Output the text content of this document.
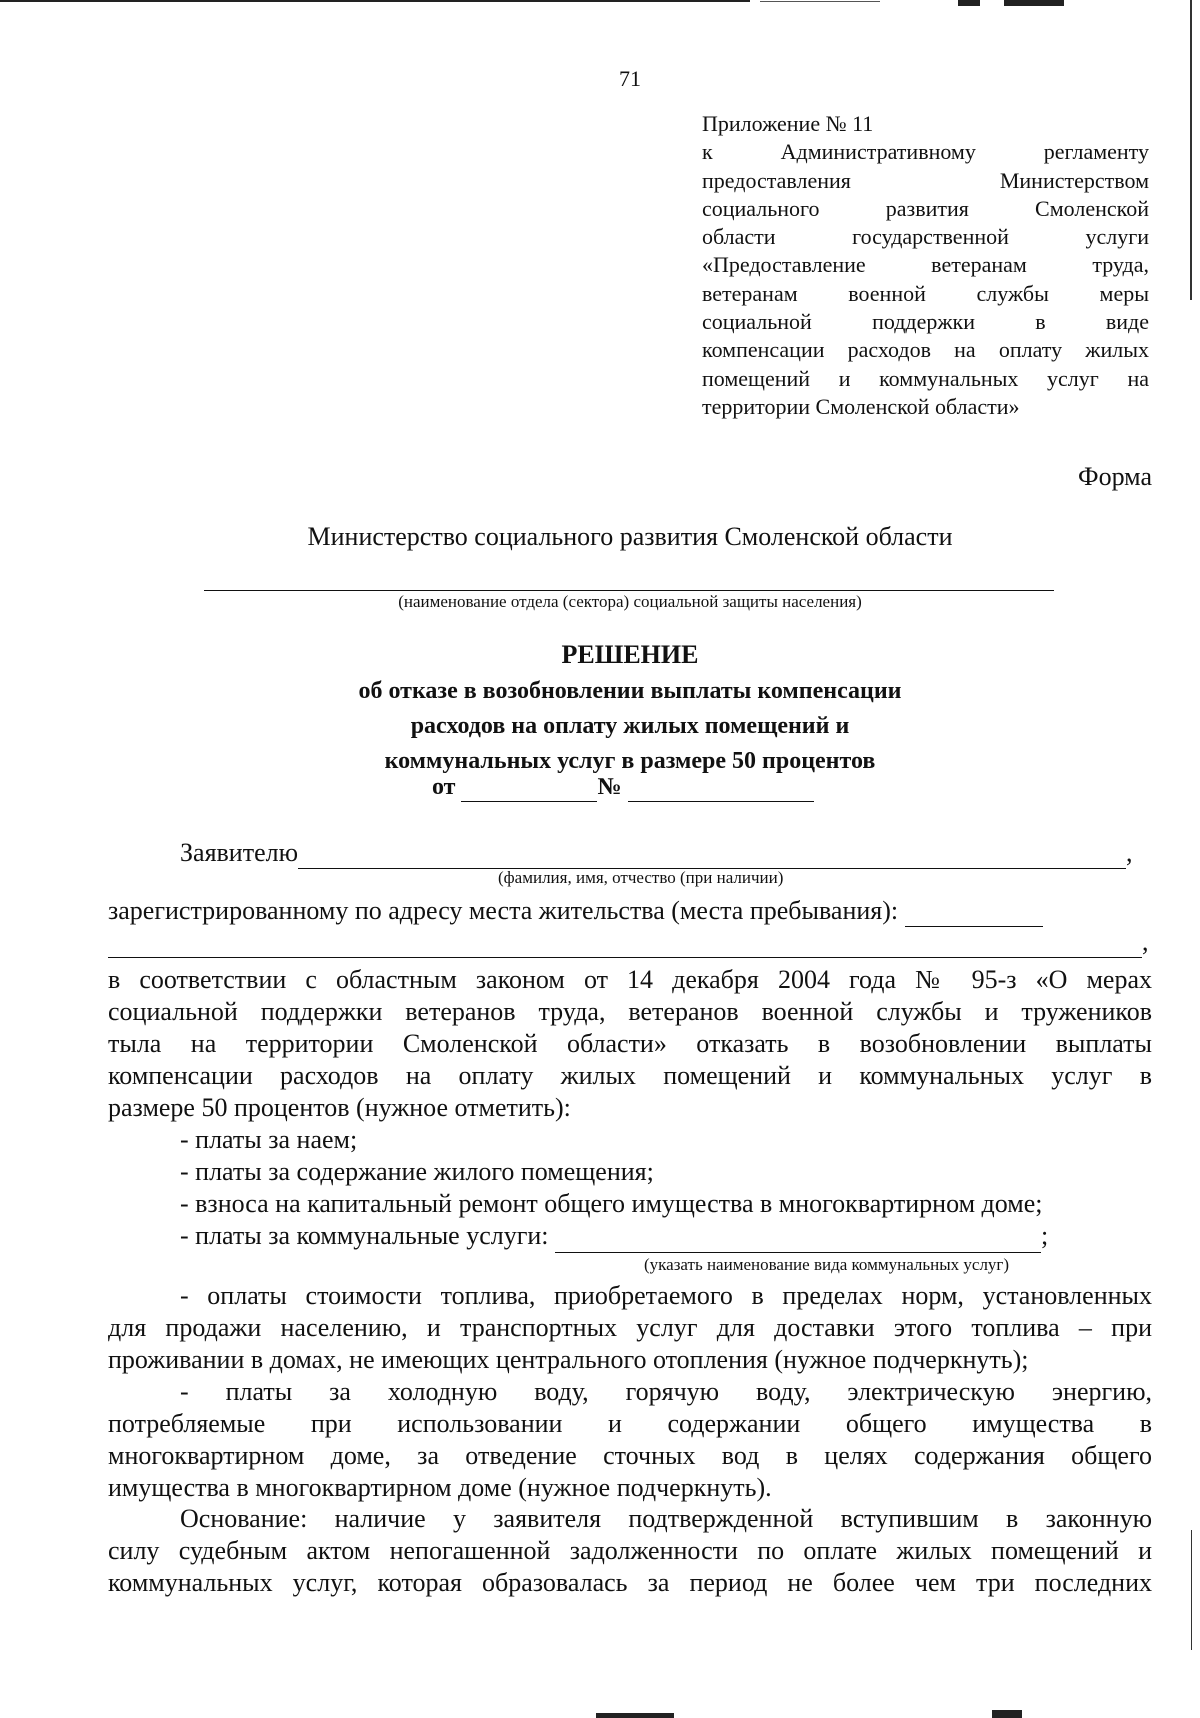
71
Приложение № 11
к Административному регламенту
предоставления Министерством
социального развития Смоленской
области государственной услуги
«Предоставление ветеранам труда,
ветеранам военной службы меры
социальной поддержки в виде
компенсации расходов на оплату жилых
помещений и коммунальных услуг на
территории Смоленской области»
Форма
Министерство социального развития Смоленской области
(наименование отдела (сектора) социальной защиты населения)
РЕШЕНИЕ
об отказе в возобновлении выплаты компенсации
расходов на оплату жилых помещений и
коммунальных услуг в размере 50 процентов
от	№
Заявителю	,
(фамилия, имя, отчество (при наличии)
зарегистрированному по адресу места жительства (места пребывания):
,
в соответствии с областным законом от 14 декабря 2004 года № 95-з «О мерах
социальной поддержки ветеранов труда, ветеранов военной службы и тружеников
тыла на территории Смоленской области» отказать в возобновлении выплаты
компенсации расходов на оплату жилых помещений и коммунальных услуг в
размере 50 процентов (нужное отметить):
- платы за наем;
- платы за содержание жилого помещения;
- взноса на капитальный ремонт общего имущества в многоквартирном доме;
- платы за коммунальные услуги:	;
(указать наименование вида коммунальных услуг)
- оплаты стоимости топлива, приобретаемого в пределах норм, установленных
для продажи населению, и транспортных услуг для доставки этого топлива – при
проживании в домах, не имеющих центрального отопления (нужное подчеркнуть);
- платы за холодную воду, горячую воду, электрическую энергию,
потребляемые при использовании и содержании общего имущества в
многоквартирном доме, за отведение сточных вод в целях содержания общего
имущества в многоквартирном доме (нужное подчеркнуть).
Основание: наличие у заявителя подтвержденной вступившим в законную
силу судебным актом непогашенной задолженности по оплате жилых помещений и
коммунальных услуг, которая образовалась за период не более чем три последних
